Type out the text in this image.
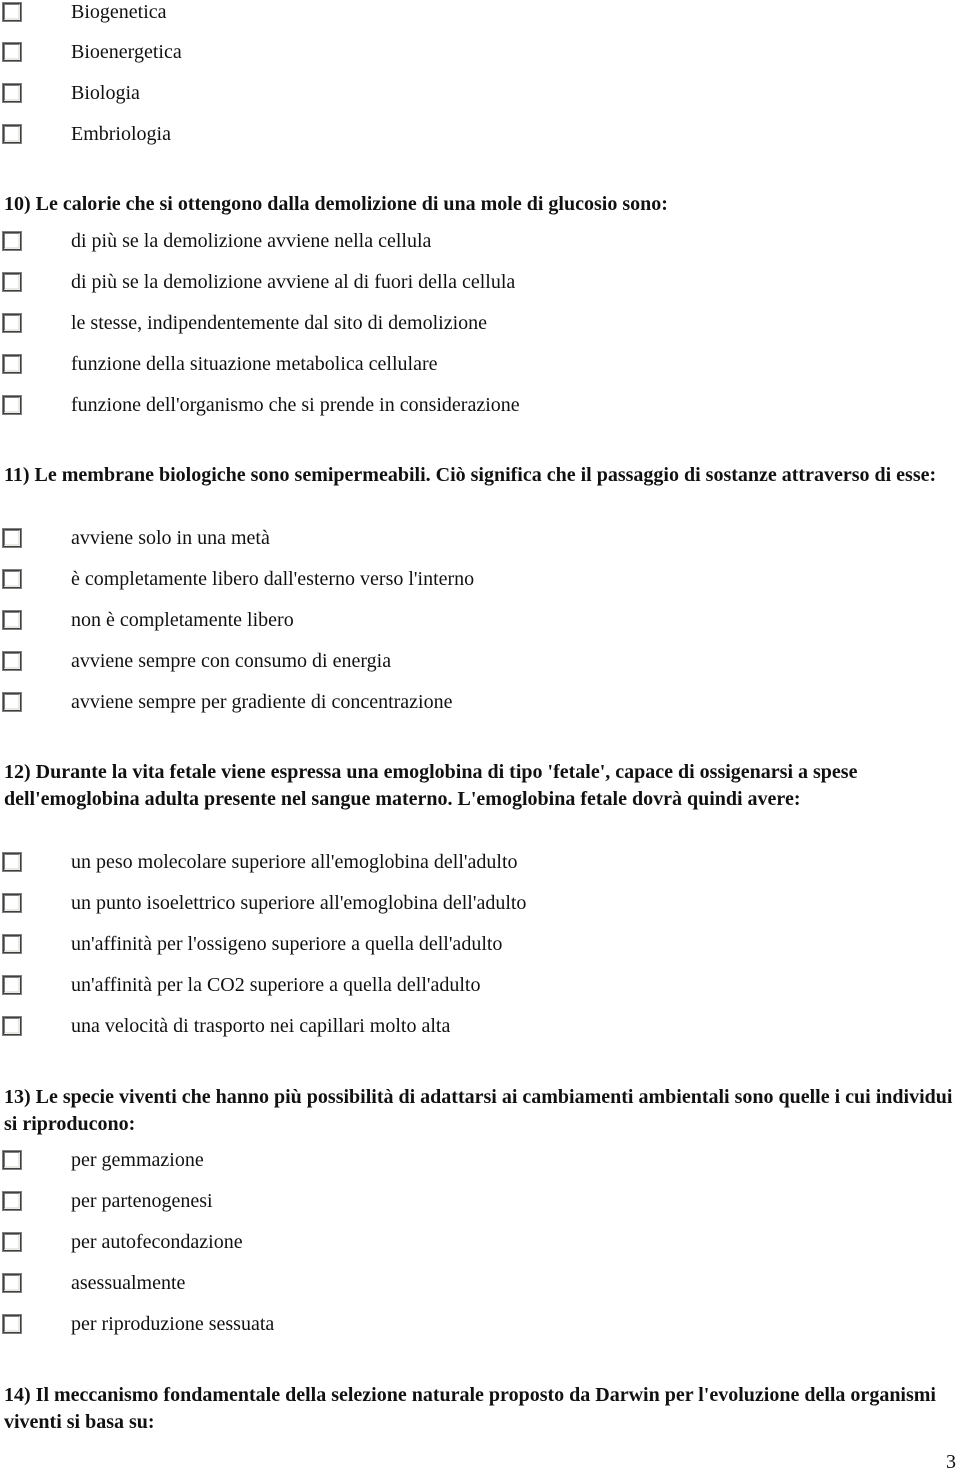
Biogenetica
Bioenergetica
Biologia
Embriologia
10) Le calorie che si ottengono dalla demolizione di una mole di glucosio sono:
di più se la demolizione avviene nella cellula
di più se la demolizione avviene al di fuori della cellula
le stesse, indipendentemente dal sito di demolizione
funzione della situazione metabolica cellulare
funzione dell'organismo che si prende in considerazione
11) Le membrane biologiche sono semipermeabili. Ciò significa che il passaggio di sostanze attraverso di esse:
avviene solo in una metà
è completamente libero dall'esterno verso l'interno
non è completamente libero
avviene sempre con consumo di energia
avviene sempre per gradiente di concentrazione
12) Durante la vita fetale viene espressa una emoglobina di tipo 'fetale', capace di ossigenarsi a spese dell'emoglobina adulta presente nel sangue materno. L'emoglobina fetale dovrà quindi avere:
un peso molecolare superiore all'emoglobina dell'adulto
un punto isoelettrico superiore all'emoglobina dell'adulto
un'affinità per l'ossigeno superiore a quella dell'adulto
un'affinità per la CO2 superiore a quella dell'adulto
una velocità di trasporto nei capillari molto alta
13) Le specie viventi che hanno più possibilità di adattarsi ai cambiamenti ambientali sono quelle i cui individui si riproducono:
per gemmazione
per partenogenesi
per autofecondazione
asessualmente
per riproduzione sessuata
14) Il meccanismo fondamentale della selezione naturale proposto da Darwin per l'evoluzione della organismi viventi si basa su:
3
